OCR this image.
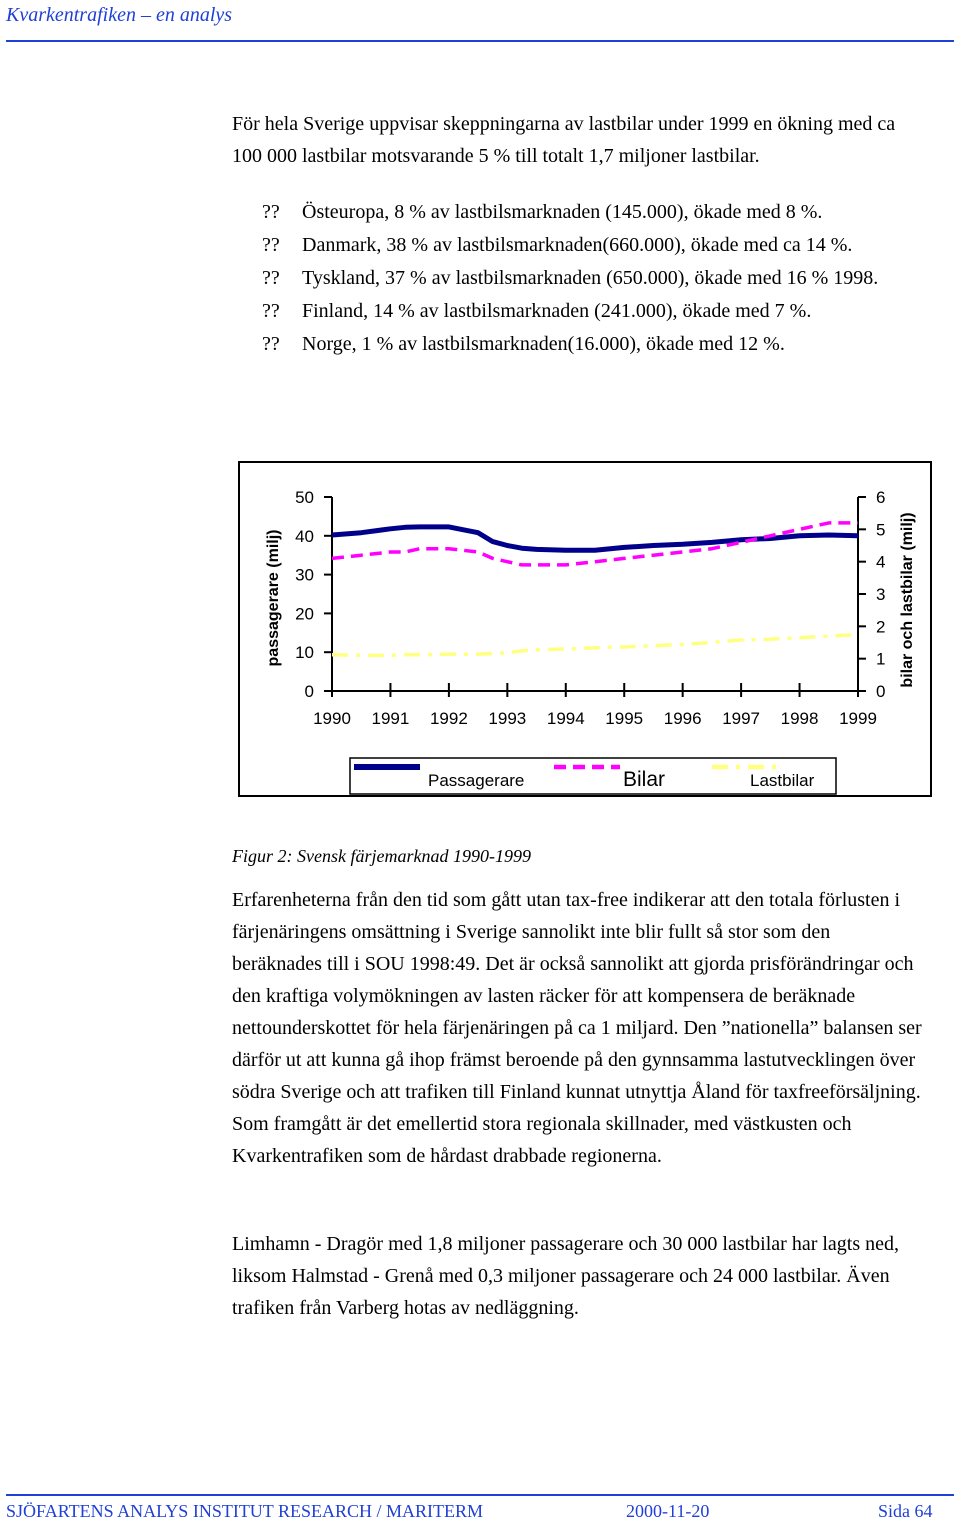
Kvarkentrafiken – en analys

För hela Sverige uppvisar skeppningarna av lastbilar under 1999 en ökning med ca 100 000 lastbilar motsvarande 5 % till totalt 1,7 miljoner lastbilar.

??	Östeuropa, 8 % av lastbilsmarknaden (145.000), ökade med 8 %.
??	Danmark, 38 % av lastbilsmarknaden(660.000), ökade med ca 14 %.
??	Tyskland, 37 % av lastbilsmarknaden (650.000), ökade med 16 % 1998.
??	Finland, 14 % av lastbilsmarknaden (241.000), ökade med 7 %.
??	Norge, 1 % av lastbilsmarknaden(16.000), ökade med 12 %.
0
10
20
30
40
50
0
1
2
3
4
5
6
1990 1991 1992 1993 1994 1995 1996 1997 1998 1999
passagerare (milj)	bilar och lastbilar (milj)
Passagerare	Bilar	Lastbilar
Figur 2: Svensk färjemarknad 1990-1999

Erfarenheterna från den tid som gått utan tax-free indikerar att den totala förlusten i färjenäringens omsättning i Sverige sannolikt inte blir fullt så stor som den beräknades till i SOU 1998:49. Det är också sannolikt att gjorda prisförändringar och den kraftiga volymökningen av lasten räcker för att kompensera de beräknade nettounderskottet för hela färjenäringen på ca 1 miljard. Den ”nationella” balansen ser därför ut att kunna gå ihop främst beroende på den gynnsamma lastutvecklingen över södra Sverige och att trafiken till Finland kunnat utnyttja Åland för taxfreeförsäljning. Som framgått är det emellertid stora regionala skillnader, med västkusten och Kvarkentrafiken som de hårdast drabbade regionerna.

Limhamn - Dragör med 1,8 miljoner passagerare och 30 000 lastbilar har lagts ned, liksom Halmstad - Grenå med 0,3 miljoner passagerare och 24 000 lastbilar. Även trafiken från Varberg hotas av nedläggning.

SJÖFARTENS ANALYS INSTITUT RESEARCH / MARITERM	2000-11-20	Sida 64
